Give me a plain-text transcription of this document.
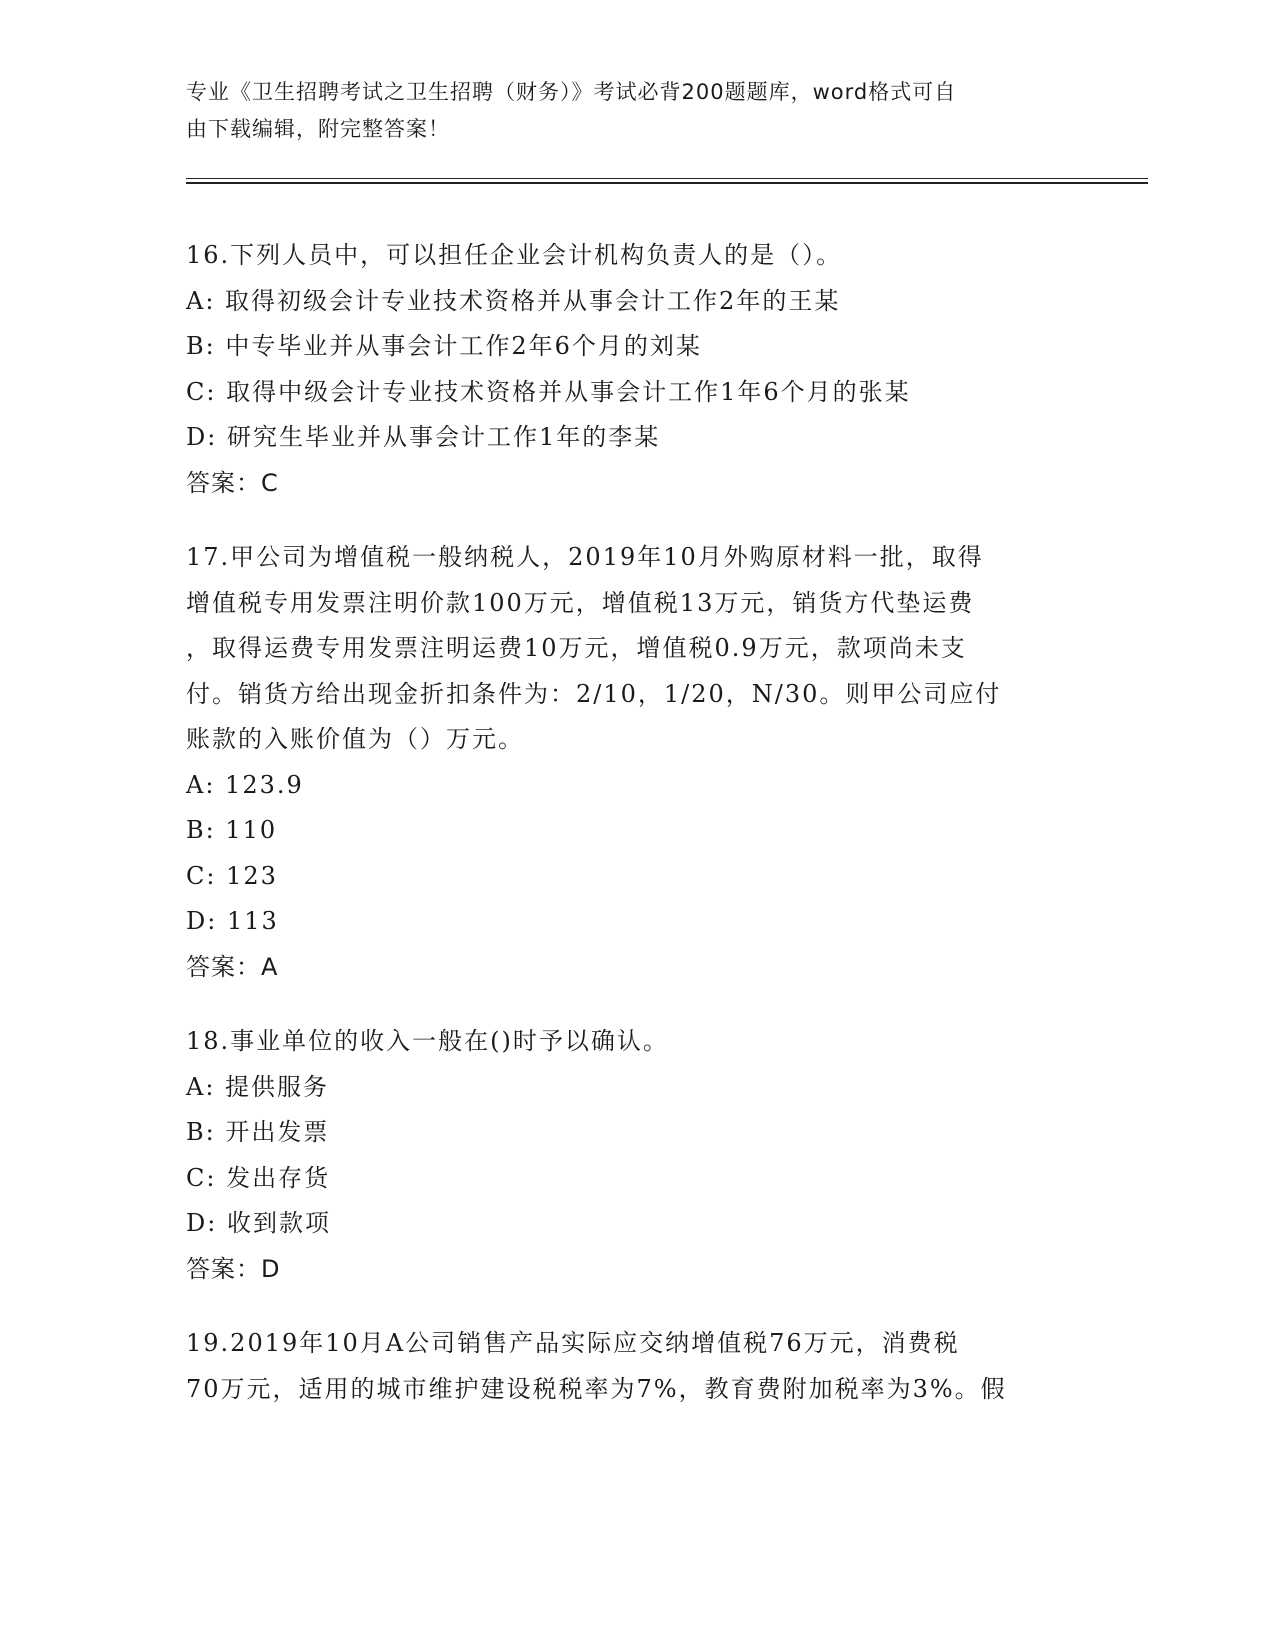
专业《卫生招聘考试之卫生招聘（财务）》考试必背200题题库，word格式可自
由下载编辑，附完整答案！
16.下列人员中，可以担任企业会计机构负责人的是（）。
A: 取得初级会计专业技术资格并从事会计工作2年的王某
B: 中专毕业并从事会计工作2年6个月的刘某
C: 取得中级会计专业技术资格并从事会计工作1年6个月的张某
D: 研究生毕业并从事会计工作1年的李某
答案：C
17.甲公司为增值税一般纳税人，2019年10月外购原材料一批，取得
增值税专用发票注明价款100万元，增值税13万元，销货方代垫运费
，取得运费专用发票注明运费10万元，增值税0.9万元，款项尚未支
付。销货方给出现金折扣条件为：2/10，1/20，N/30。则甲公司应付
账款的入账价值为（）万元。
A: 123.9
B: 110
C: 123
D: 113
答案：A
18.事业单位的收入一般在()时予以确认。
A: 提供服务
B: 开出发票
C: 发出存货
D: 收到款项
答案：D
19.2019年10月A公司销售产品实际应交纳增值税76万元，消费税
70万元，适用的城市维护建设税税率为7%，教育费附加税率为3%。假
